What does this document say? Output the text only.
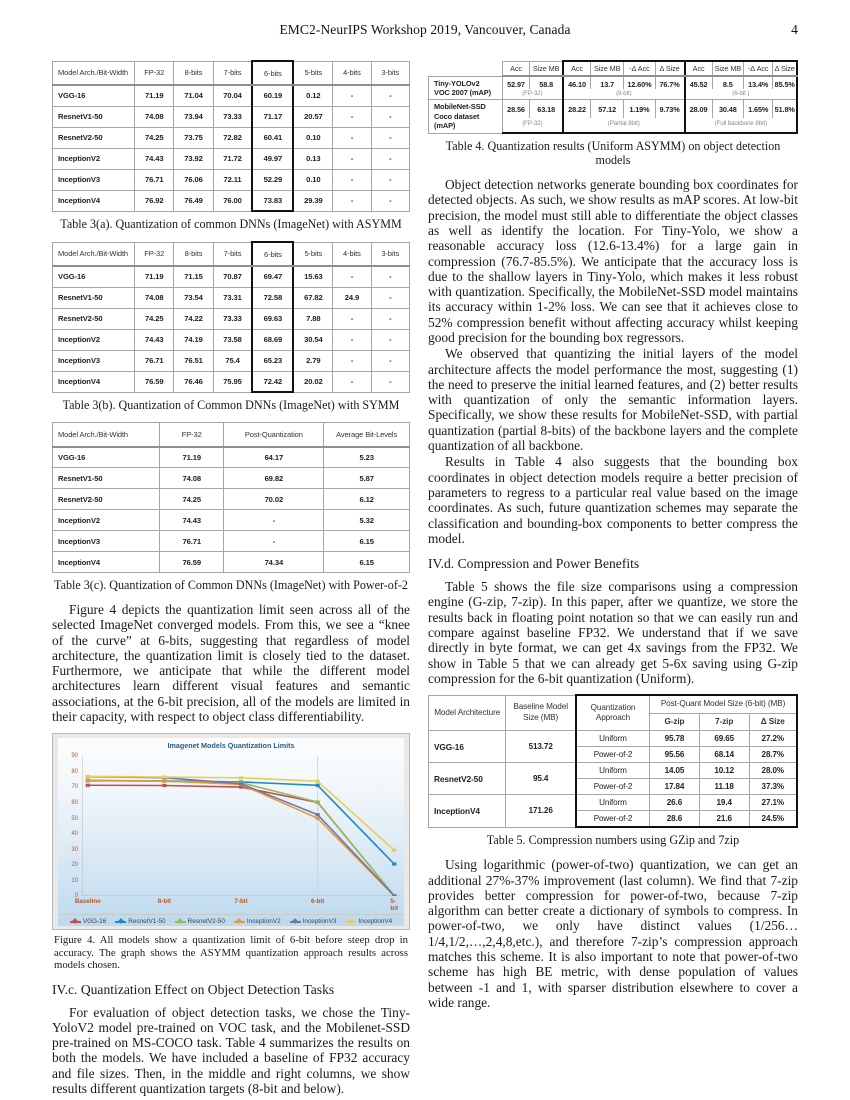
EMC2-NeurIPS Workshop 2019, Vancouver, Canada	4
Model Arch./Bit-Width	FP-32	8-bits	7-bits	6-bits	5-bits	4-bits	3-bits
VGG-16	71.19	71.04	70.04	60.19	0.12	-	-
ResnetV1-50	74.08	73.94	73.33	71.17	20.57	-	-
ResnetV2-50	74.25	73.75	72.82	60.41	0.10	-	-
InceptionV2	74.43	73.92	71.72	49.97	0.13	-	-
InceptionV3	76.71	76.06	72.11	52.29	0.10	-	-
InceptionV4	76.92	76.49	76.00	73.83	29.39	-	-
Table 3(a). Quantization of common DNNs (ImageNet) with ASYMM
Model Arch./Bit-Width	FP-32	8-bits	7-bits	6-bits	5-bits	4-bits	3-bits
VGG-16	71.19	71.15	70.87	69.47	15.63	-	-
ResnetV1-50	74.08	73.54	73.31	72.58	67.82	24.9	-
ResnetV2-50	74.25	74.22	73.33	69.63	7.88	-	-
InceptionV2	74.43	74.19	73.58	68.69	30.54	-	-
InceptionV3	76.71	76.51	75.4	65.23	2.79	-	-
InceptionV4	76.59	76.46	75.95	72.42	20.02	-	-
Table 3(b). Quantization of Common DNNs (ImageNet) with SYMM
Model Arch./Bit-Width	FP-32	Post-Quantization	Average Bit-Levels
VGG-16	71.19	64.17	5.23
ResnetV1-50	74.08	69.82	5.87
ResnetV2-50	74.25	70.02	6.12
InceptionV2	74.43	-	5.32
InceptionV3	76.71	-	6.15
InceptionV4	76.59	74.34	6.15
Table 3(c). Quantization of Common DNNs (ImageNet) with Power-of-2

Figure 4 depicts the quantization limit seen across all of the selected ImageNet converged models. From this, we see a “knee of the curve” at 6-bits, suggesting that regardless of model architecture, the quantization limit is closely tied to the dataset. Furthermore, we anticipate that while the different model architectures learn different visual features and semantic associations, at the 6-bit precision, all of the models are limited in their capacity, with respect to object class differentiability.

Imagenet Models Quantization Limits
0
10
20
30
40
50
60
70
80
90
Baseline	8-bit	7-bit	6-bit	5-bit
VGG-16	ResnetV1-50	ResnetV2-50	InceptionV2	InceptionV3	InceptionV4
Figure 4. All models show a quantization limit of 6-bit before steep drop in accuracy. The graph shows the ASYMM quantization approach results across models chosen.
IV.c. Quantization Effect on Object Detection Tasks

For evaluation of object detection tasks, we chose the Tiny-YoloV2 model pre-trained on VOC task, and the Mobilenet-SSD pre-trained on MS-COCO task. Table 4 summarizes the results on both the models. We have included a baseline of FP32 accuracy and file sizes. Then, in the middle and right columns, we show results different quantization targets (8-bit and below).

	Acc	Size MB	Acc	Size MB	-Δ Acc	Δ Size	Acc	Size MB	-Δ Acc	Δ Size

Tiny-YOLOv2
VOC 2007 (mAP)	52.97	58.8	46.10	13.7	12.60%	76.7%	45.52	8.5	13.4%	85.5%
	(FP-32)		(8-bit)				(6-bit )			

MobileNet-SSD
Coco dataset (mAP)	28.56	63.18	28.22	57.12	1.19%	9.73%	28.09	30.48	1.65%	51.8%
	(FP-32)		(Partial 8bit)				(Full backbone 8bit)			
Table 4. Quantization results (Uniform ASYMM) on object detection models

Object detection networks generate bounding box coordinates for detected objects. As such, we show results as mAP scores. At low-bit precision, the model must still able to differentiate the object classes as well as identify the location. For Tiny-Yolo, we show a reasonable accuracy loss (12.6-13.4%) for a large gain in compression (76.7-85.5%). We anticipate that the accuracy loss is due to the shallow layers in Tiny-Yolo, which makes it less robust with quantization. Specifically, the MobileNet-SSD model maintains its accuracy within 1-2% loss. We can see that it achieves close to 52% compression benefit without affecting accuracy whilst keeping good precision for the bounding box regressors.

We observed that quantizing the initial layers of the model architecture affects the model performance the most, suggesting (1) the need to preserve the initial learned features, and (2) better results with quantization of only the semantic information layers. Specifically, we show these results for MobileNet-SSD, with partial quantization (partial 8-bits) of the backbone layers and the complete quantization of all backbone.

Results in Table 4 also suggests that the bounding box coordinates in object detection models require a better precision of parameters to regress to a particular real value based on the image coordinates. As such, future quantization schemes may separate the classification and bounding-box components to better compress the model.

IV.d. Compression and Power Benefits

Table 5 shows the file size comparisons using a compression engine (G-zip, 7-zip). In this paper, after we quantize, we store the results back in floating point notation so that we can easily run and compare against baseline FP32. We understand that if we save directly in byte format, we can get 4x savings from the FP32. We show in Table 5 that we can already get 5-6x saving using G-zip compression for the 6-bit quantization (Uniform).

Model Architecture	Baseline Model Size (MB)	Quantization Approach	Post-Quant Model Size (6-bit) (MB)		
			G-zip	7-zip	Δ Size
VGG-16	513.72	Uniform	95.78	69.65	27.2%
		Power-of-2	95.56	68.14	28.7%
ResnetV2-50	95.4	Uniform	14.05	10.12	28.0%
		Power-of-2	17.84	11.18	37.3%
InceptionV4	171.26	Uniform	26.6	19.4	27.1%
		Power-of-2	28.6	21.6	24.5%
Table 5. Compression numbers using GZip and 7zip

Using logarithmic (power-of-two) quantization, we can get an additional 27%-37% improvement (last column). We find that 7-zip provides better compression for power-of-two, because 7-zip algorithm can better create a dictionary of symbols to compress. In power-of-two, we only have distinct values (1/256…1/4,1/2,…,2,4,8,etc.), and therefore 7-zip’s compression approach matches this scheme. It is also important to note that power-of-two scheme has high BE metric, with dense population of values between -1 and 1, with sparser distribution elsewhere to cover a wide range.
